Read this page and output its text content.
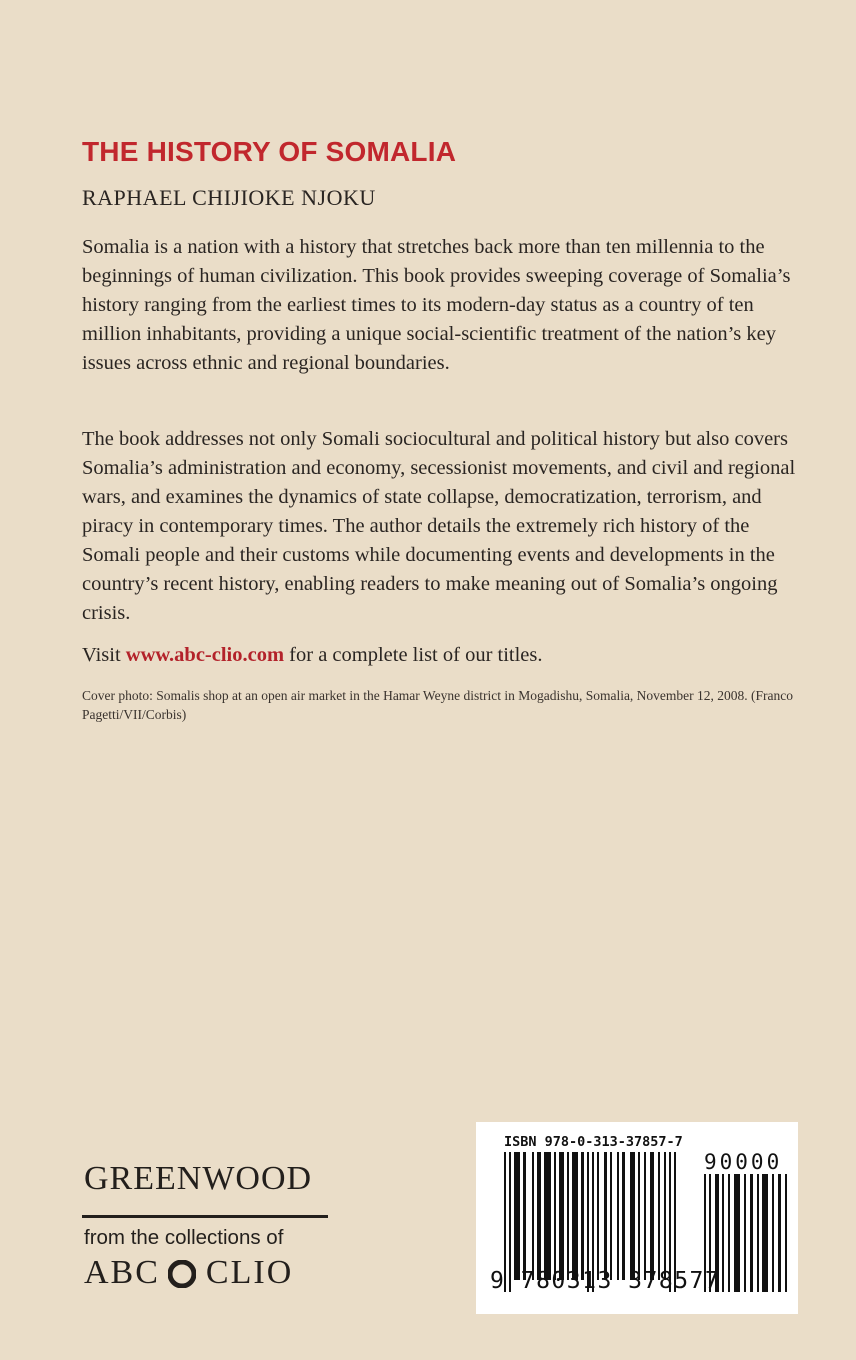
THE HISTORY OF SOMALIA
RAPHAEL CHIJIOKE NJOKU

Somalia is a nation with a history that stretches back more than ten millennia to the beginnings of human civilization. This book provides sweeping coverage of Somalia’s history ranging from the earliest times to its modern-day status as a country of ten million inhabitants, providing a unique social-scientific treatment of the nation’s key issues across ethnic and regional boundaries.

The book addresses not only Somali sociocultural and political history but also covers Somalia’s administration and economy, secessionist movements, and civil and regional wars, and examines the dynamics of state collapse, democratization, terrorism, and piracy in contemporary times. The author details the extremely rich history of the Somali people and their customs while documenting events and developments in the country’s recent history, enabling readers to make meaning out of Somalia’s ongoing crisis.

Visit www.abc-clio.com for a complete list of our titles.
Cover photo: Somalis shop at an open air market in the Hamar Weyne district in Mogadishu, Somalia, November 12, 2008. (Franco Pagetti/VII/Corbis)
GREENWOOD
from the collections of
ABC CLIO
ISBN 978-0-313-37857-7
90000
9 780313 378577
